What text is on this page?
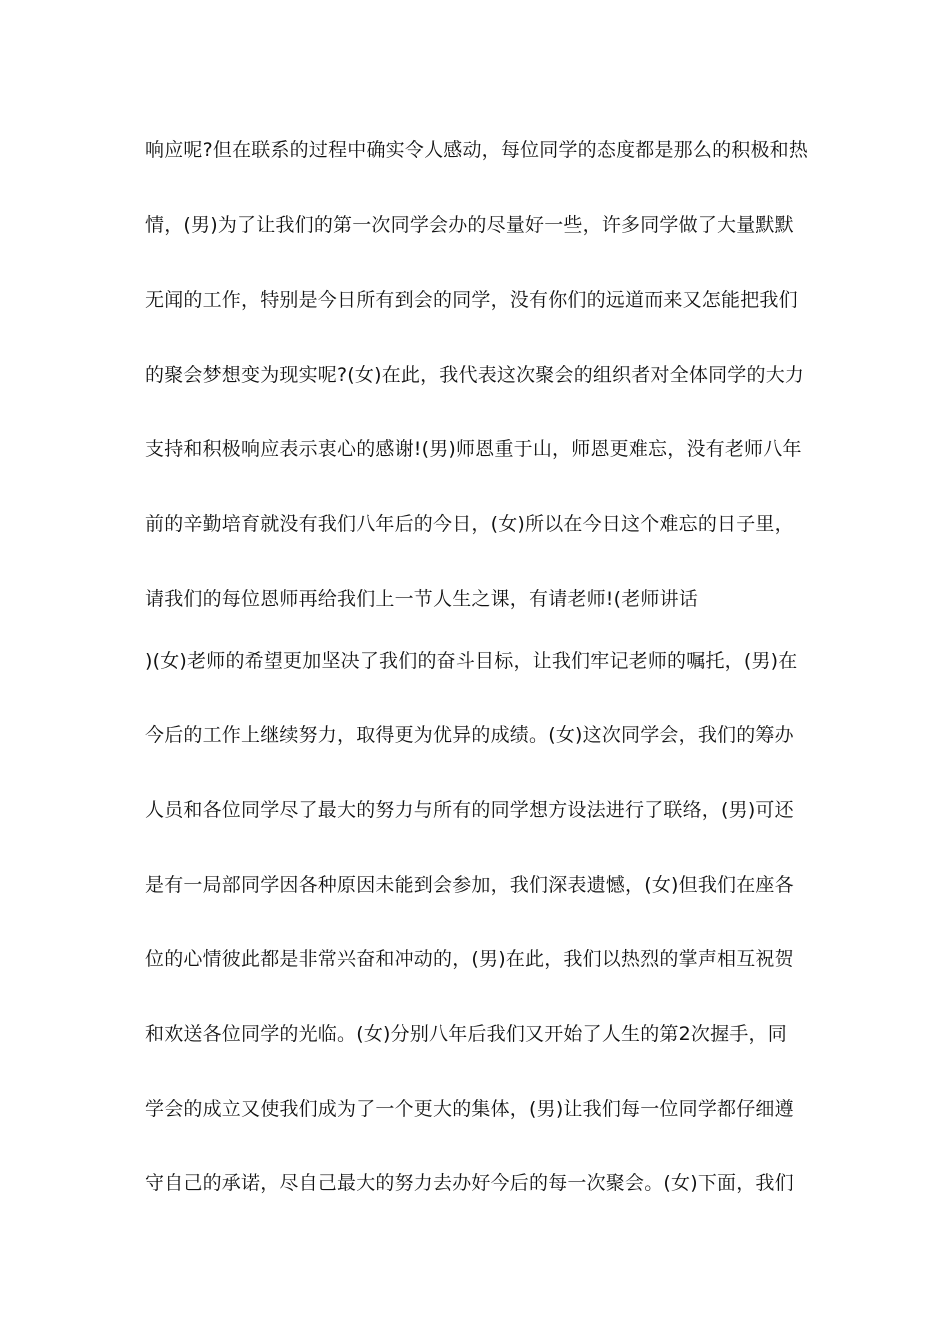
响应呢?但在联系的过程中确实令人感动，每位同学的态度都是那么的积极和热
情，(男)为了让我们的第一次同学会办的尽量好一些，许多同学做了大量默默
无闻的工作，特别是今日所有到会的同学，没有你们的远道而来又怎能把我们
的聚会梦想变为现实呢?(女)在此，我代表这次聚会的组织者对全体同学的大力
支持和积极响应表示衷心的感谢!(男)师恩重于山，师恩更难忘，没有老师八年
前的辛勤培育就没有我们八年后的今日，(女)所以在今日这个难忘的日子里，
请我们的每位恩师再给我们上一节人生之课，有请老师!(老师讲话
)(女)老师的希望更加坚决了我们的奋斗目标，让我们牢记老师的嘱托，(男)在
今后的工作上继续努力，取得更为优异的成绩。(女)这次同学会，我们的筹办
人员和各位同学尽了最大的努力与所有的同学想方设法进行了联络，(男)可还
是有一局部同学因各种原因未能到会参加，我们深表遗憾，(女)但我们在座各
位的心情彼此都是非常兴奋和冲动的，(男)在此，我们以热烈的掌声相互祝贺
和欢送各位同学的光临。(女)分别八年后我们又开始了人生的第2次握手，同
学会的成立又使我们成为了一个更大的集体，(男)让我们每一位同学都仔细遵
守自己的承诺，尽自己最大的努力去办好今后的每一次聚会。(女)下面，我们
